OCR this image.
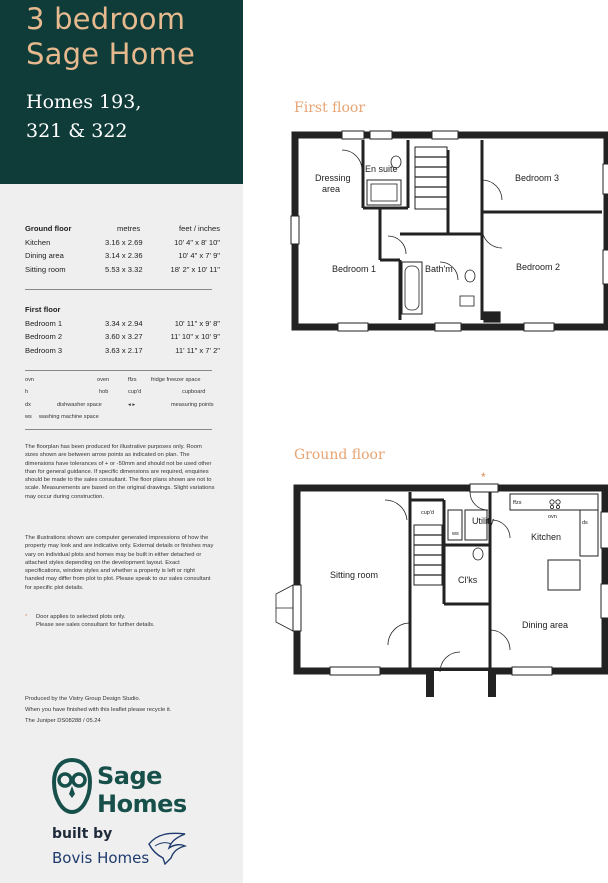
3 bedroom
Sage Home
Homes 193,
321 & 322
Ground floor	metres	feet / inches
Kitchen	3.16 x 2.69	10' 4" x 8' 10"
Dining area	3.14 x 2.36	10' 4" x 7' 9"
Sitting room	5.53 x 3.32	18' 2" x 10' 11"
First floor
Bedroom 1	3.34 x 2.94	10' 11" x 9' 8"
Bedroom 2	3.60 x 3.27	11' 10" x 10' 9"
Bedroom 3	3.63 x 2.17	11' 11" x 7' 2"
ovn	oven	ffzs	fridge freezer space
h	hob	cup'd	cupboard
dx	dishwasher space	◂ ▸	measuring points
ws washing machine space
The floorplan has been produced for illustrative purposes only. Room sizes shown are between arrow points as indicated on plan. The dimensions have tolerances of + or -50mm and should not be used other than for general guidance. If specific dimensions are required, enquiries should be made to the sales consultant. The floor plans shown are not to scale. Measurements are based on the original drawings. Slight variations may occur during construction.
The illustrations shown are computer generated impressions of how the property may look and are indicative only. External details or finishes may vary on individual plots and homes may be built in either detached or attached styles depending on the development layout. Exact specifications, window styles and whether a property is left or right handed may differ from plot to plot. Please speak to our sales consultant for specific plot details.
*	Door applies to selected plots only.
Please see sales consultant for further details.
Produced by the Vistry Group Design Studio.
When you have finished with this leaflet please recycle it.
The Juniper DS08288 / 05.24
Sage
Homes
built by
Bovis Homes
First floor
Dressing
area
En suite
Bedroom 3
Bedroom 1	Bedroom 2
Bath'm
Sitting room
Utility
Kitchen
Cl'ks
Dining area
cup'd
ffzs
ovn
ws
ds
*
Ground floor
